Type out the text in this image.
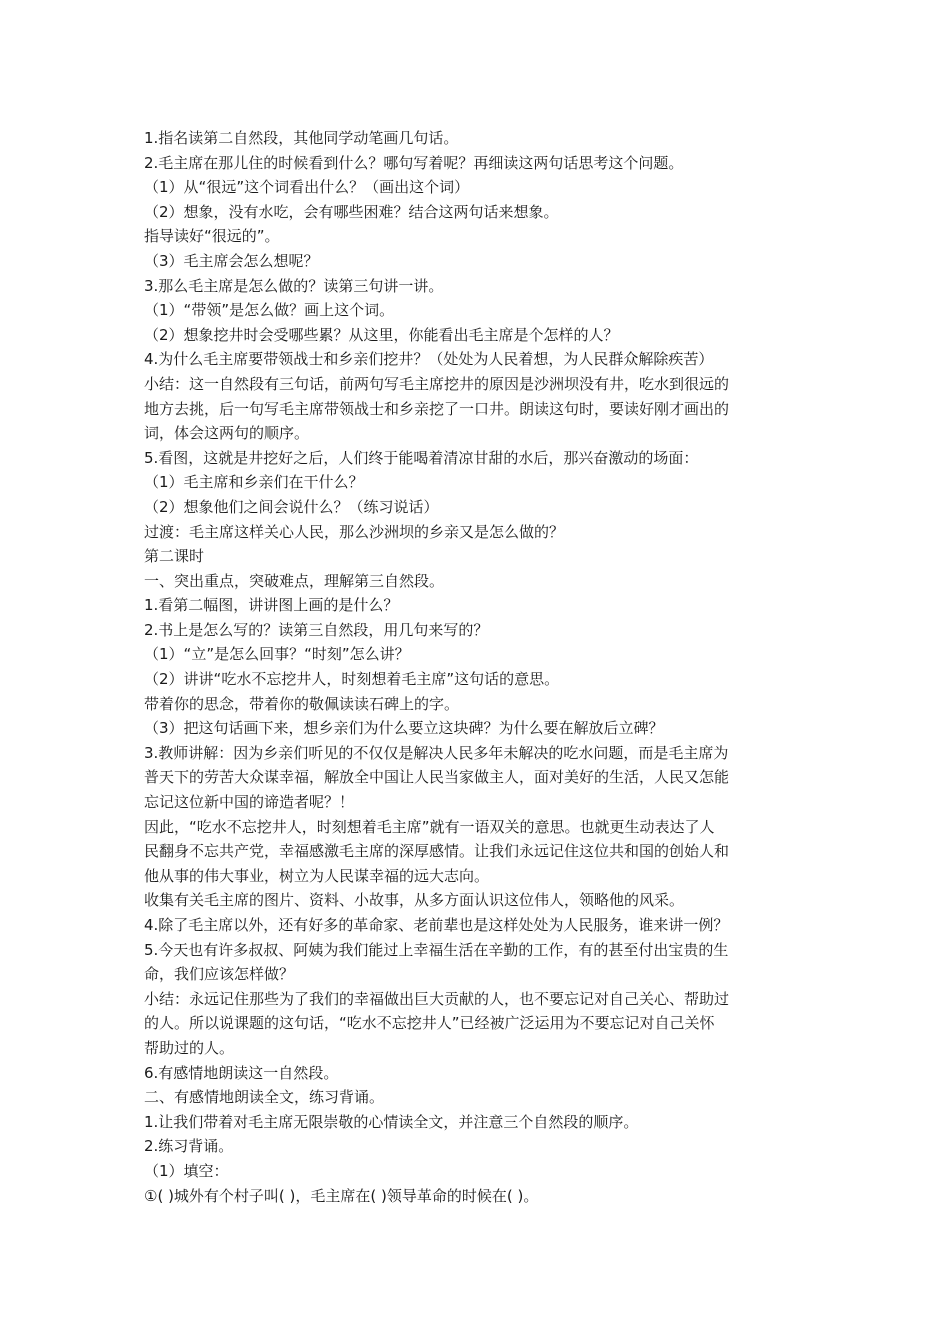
1.指名读第二自然段，其他同学动笔画几句话。
2.毛主席在那儿住的时候看到什么？哪句写着呢？再细读这两句话思考这个问题。
（1）从“很远”这个词看出什么？（画出这个词）
（2）想象，没有水吃，会有哪些困难？结合这两句话来想象。
指导读好“很远的”。
（3）毛主席会怎么想呢？
3.那么毛主席是怎么做的？读第三句讲一讲。
（1）“带领”是怎么做？画上这个词。
（2）想象挖井时会受哪些累？从这里，你能看出毛主席是个怎样的人？
4.为什么毛主席要带领战士和乡亲们挖井？（处处为人民着想，为人民群众解除疾苦）
小结：这一自然段有三句话，前两句写毛主席挖井的原因是沙洲坝没有井，吃水到很远的
地方去挑，后一句写毛主席带领战士和乡亲挖了一口井。朗读这句时，要读好刚才画出的
词，体会这两句的顺序。
5.看图，这就是井挖好之后，人们终于能喝着清凉甘甜的水后，那兴奋激动的场面：
（1）毛主席和乡亲们在干什么？
（2）想象他们之间会说什么？（练习说话）
过渡：毛主席这样关心人民，那么沙洲坝的乡亲又是怎么做的？
第二课时
一、突出重点，突破难点，理解第三自然段。
1.看第二幅图，讲讲图上画的是什么？
2.书上是怎么写的？读第三自然段，用几句来写的？
（1）“立”是怎么回事？“时刻”怎么讲？
（2）讲讲“吃水不忘挖井人，时刻想着毛主席”这句话的意思。
带着你的思念，带着你的敬佩读读石碑上的字。
（3）把这句话画下来，想乡亲们为什么要立这块碑？为什么要在解放后立碑？
3.教师讲解：因为乡亲们听见的不仅仅是解决人民多年未解决的吃水问题，而是毛主席为
普天下的劳苦大众谋幸福，解放全中国让人民当家做主人，面对美好的生活，人民又怎能
忘记这位新中国的谛造者呢？！
因此，“吃水不忘挖井人，时刻想着毛主席”就有一语双关的意思。也就更生动表达了人
民翻身不忘共产党，幸福感激毛主席的深厚感情。让我们永远记住这位共和国的创始人和
他从事的伟大事业，树立为人民谋幸福的远大志向。
收集有关毛主席的图片、资料、小故事，从多方面认识这位伟人，领略他的风采。
4.除了毛主席以外，还有好多的革命家、老前辈也是这样处处为人民服务，谁来讲一例？
5.今天也有许多叔叔、阿姨为我们能过上幸福生活在辛勤的工作，有的甚至付出宝贵的生
命，我们应该怎样做？
小结：永远记住那些为了我们的幸福做出巨大贡献的人，也不要忘记对自己关心、帮助过
的人。所以说课题的这句话，“吃水不忘挖井人”已经被广泛运用为不要忘记对自己关怀
帮助过的人。
6.有感情地朗读这一自然段。
二、有感情地朗读全文，练习背诵。
1.让我们带着对毛主席无限崇敬的心情读全文，并注意三个自然段的顺序。
2.练习背诵。
（1）填空：
①( )城外有个村子叫( )，毛主席在( )领导革命的时候在( )。
